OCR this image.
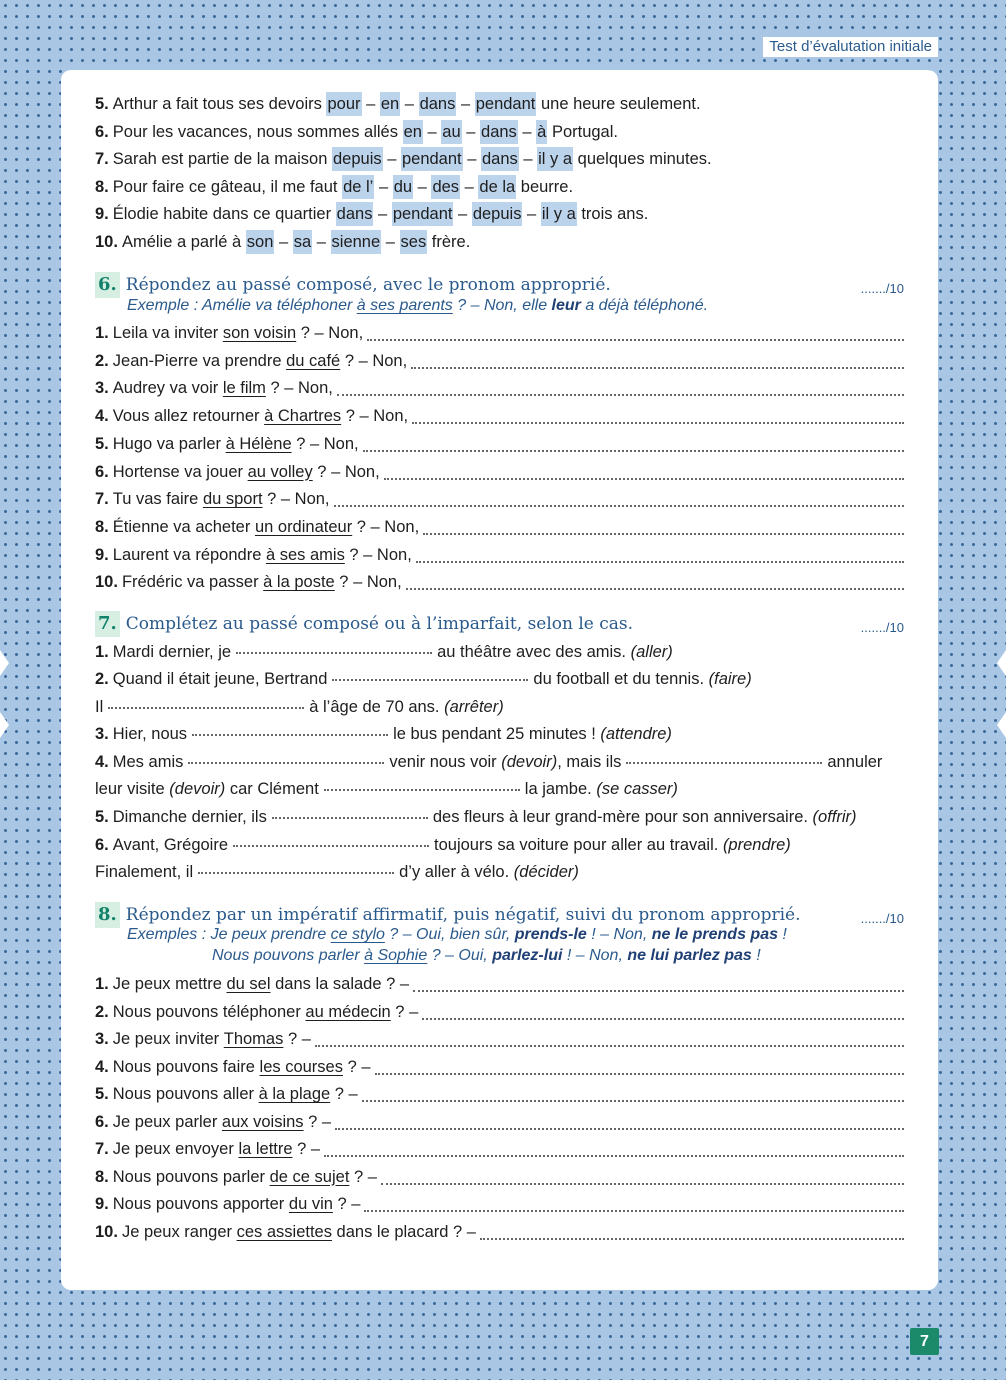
Test d’évalutation initiale
5. Arthur a fait tous ses devoirs
pour – en – dans – pendant
une heure seulement.
6. Pour les vacances, nous sommes allés
en – au – dans – à
Portugal.
7. Sarah est partie de la maison
depuis – pendant – dans – il y a
quelques minutes.
8. Pour faire ce gâteau, il me faut
de l’ – du – des – de la
beurre.
9. Élodie habite dans ce quartier
dans – pendant – depuis – il y a
trois ans.
10. Amélie a parlé à
son – sa – sienne – ses
frère.
6. Répondez au passé composé, avec le pronom approprié.	......./10
Exemple : Amélie va téléphoner à ses parents ? – Non, elle leur a déjà téléphoné.
1. Leila va inviter son voisin ? – Non,
2. Jean-Pierre va prendre du café ? – Non,
3. Audrey va voir le film ? – Non,
4. Vous allez retourner à Chartres ? – Non,
5. Hugo va parler à Hélène ? – Non,
6. Hortense va jouer au volley ? – Non,
7. Tu vas faire du sport ? – Non,
8. Étienne va acheter un ordinateur ? – Non,
9. Laurent va répondre à ses amis ? – Non,
10. Frédéric va passer à la poste ? – Non,
7. Complétez au passé composé ou à l’imparfait, selon le cas.	......./10
1. Mardi dernier, je	au théâtre avec des amis.
(aller)
2. Quand il était jeune, Bertrand	du football et du tennis.
(faire)
Il	à l’âge de 70 ans.
(arrêter)
3. Hier, nous	le bus pendant 25 minutes !
(attendre)
4. Mes amis	venir nous voir
(devoir) , mais ils	annuler
leur visite
(devoir)
car Clément	la jambe.
(se casser)
5. Dimanche dernier, ils	des fleurs à leur grand-mère pour son anniversaire.
(offrir)
6. Avant, Grégoire	toujours sa voiture pour aller au travail.
(prendre)
Finalement, il	d’y aller à vélo.
(décider)
8. Répondez par un impératif affirmatif, puis négatif, suivi du pronom approprié.	......./10
Exemples : Je peux prendre ce stylo ? – Oui, bien sûr, prends-le ! – Non, ne le prends pas !
Nous pouvons parler à Sophie ? – Oui, parlez-lui ! – Non, ne lui parlez pas !
1. Je peux mettre du sel dans la salade ? –
2. Nous pouvons téléphoner au médecin ? –
3. Je peux inviter Thomas ? –
4. Nous pouvons faire les courses ? –
5. Nous pouvons aller à la plage ? –
6. Je peux parler aux voisins ? –
7. Je peux envoyer la lettre ? –
8. Nous pouvons parler de ce sujet ? –
9. Nous pouvons apporter du vin ? –
10. Je peux ranger ces assiettes dans le placard ? –
7
